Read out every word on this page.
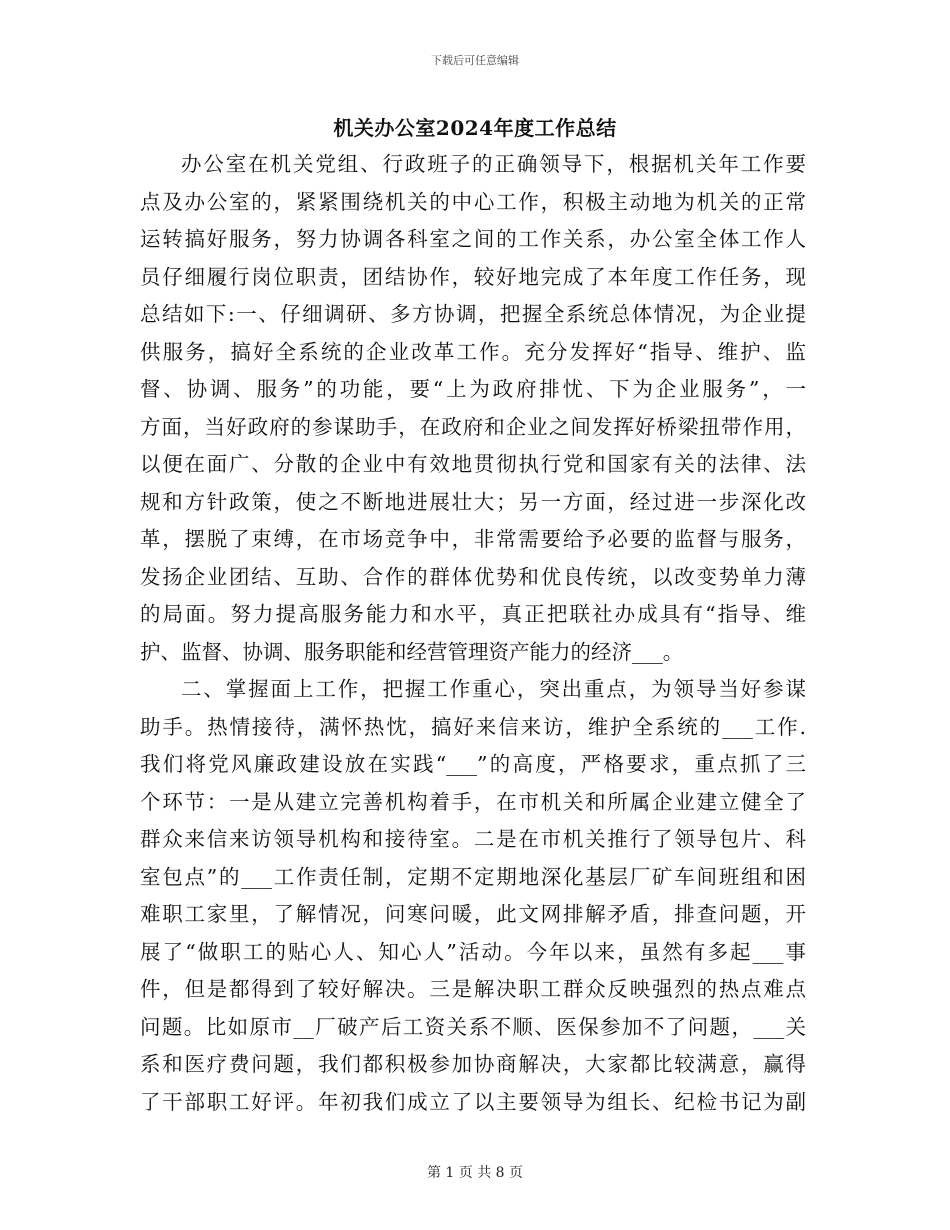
下载后可任意编辑
机关办公室2024年度工作总结
办公室在机关党组、行政班子的正确领导下，根据机关年工作要
点及办公室的，紧紧围绕机关的中心工作，积极主动地为机关的正常
运转搞好服务，努力协调各科室之间的工作关系，办公室全体工作人
员仔细履行岗位职责，团结协作，较好地完成了本年度工作任务，现
总结如下:一、仔细调研、多方协调，把握全系统总体情况，为企业提
供服务，搞好全系统的企业改革工作。充分发挥好“指导、维护、监
督、协调、服务”的功能，要“上为政府排忧、下为企业服务”，一
方面，当好政府的参谋助手，在政府和企业之间发挥好桥梁扭带作用，
以便在面广、分散的企业中有效地贯彻执行党和国家有关的法律、法
规和方针政策，使之不断地进展壮大；另一方面，经过进一步深化改
革，摆脱了束缚，在市场竞争中，非常需要给予必要的监督与服务，
发扬企业团结、互助、合作的群体优势和优良传统，以改变势单力薄
的局面。努力提高服务能力和水平，真正把联社办成具有“指导、维
护、监督、协调、服务职能和经营管理资产能力的经济___。
二、掌握面上工作，把握工作重心，突出重点，为领导当好参谋
助手。热情接待，满怀热忱，搞好来信来访，维护全系统的___工作.
我们将党风廉政建设放在实践“___”的高度，严格要求，重点抓了三
个环节：一是从建立完善机构着手，在市机关和所属企业建立健全了
群众来信来访领导机构和接待室。二是在市机关推行了领导包片、科
室包点”的___工作责任制，定期不定期地深化基层厂矿车间班组和困
难职工家里，了解情况，问寒问暖，此文网排解矛盾，排查问题，开
展了“做职工的贴心人、知心人”活动。今年以来，虽然有多起___事
件，但是都得到了较好解决。三是解决职工群众反映强烈的热点难点
问题。比如原市__厂破产后工资关系不顺、医保参加不了问题，___关
系和医疗费问题，我们都积极参加协商解决，大家都比较满意，赢得
了干部职工好评。年初我们成立了以主要领导为组长、纪检书记为副
第 1 页 共 8 页
